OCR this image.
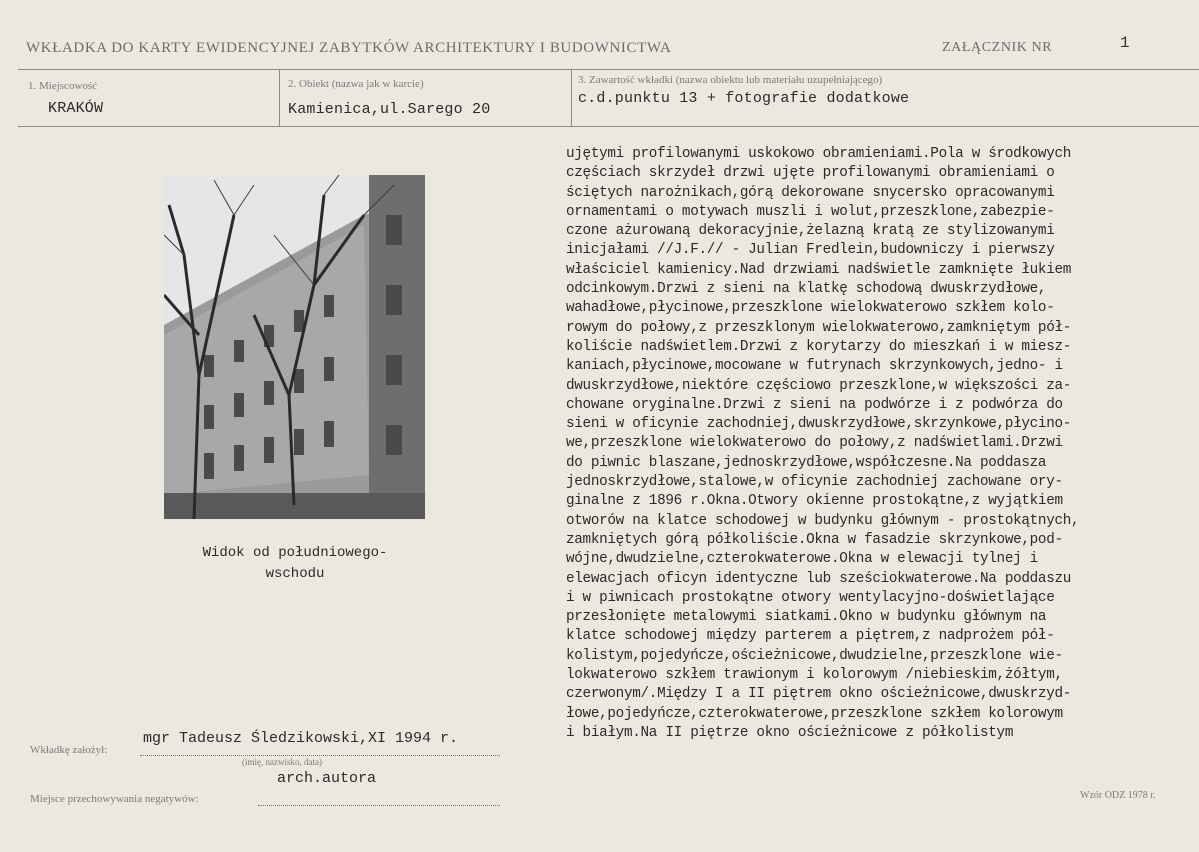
WKŁADKA DO KARTY EWIDENCYJNEJ ZABYTKÓW ARCHITEKTURY I BUDOWNICTWA	ZAŁĄCZNIK NR	1
1. Miejscowość
KRAKÓW
2. Obiekt (nazwa jak w karcie)
Kamienica,ul.Sarego 20
3. Zawartość wkładki (nazwa obiektu lub materiału uzupełniającego)
c.d.punktu 13 + fotografie dodatkowe
Widok od południowego-
wschodu
ujętymi profilowanymi uskokowo obramieniami.Pola w środkowych
częściach skrzydeł drzwi ujęte profilowanymi obramieniami o
ściętych narożnikach,górą dekorowane snycersko opracowanymi
ornamentami o motywach muszli i wolut,przeszklone,zabezpie-
czone ażurowaną dekoracyjnie,żelazną kratą ze stylizowanymi
inicjałami //J.F.// - Julian Fredlein,budowniczy i pierwszy
właściciel kamienicy.Nad drzwiami nadświetle zamknięte łukiem
odcinkowym.Drzwi z sieni na klatkę schodową dwuskrzydłowe,
wahadłowe,płycinowe,przeszklone wielokwaterowo szkłem kolo-
rowym do połowy,z przeszklonym wielokwaterowo,zamkniętym pół-
koliście nadświetlem.Drzwi z korytarzy do mieszkań i w miesz-
kaniach,płycinowe,mocowane w futrynach skrzynkowych,jedno- i
dwuskrzydłowe,niektóre częściowo przeszklone,w większości za-
chowane oryginalne.Drzwi z sieni na podwórze i z podwórza do
sieni w oficynie zachodniej,dwuskrzydłowe,skrzynkowe,płycino-
we,przeszklone wielokwaterowo do połowy,z nadświetlami.Drzwi
do piwnic blaszane,jednoskrzydłowe,współczesne.Na poddasza
jednoskrzydłowe,stalowe,w oficynie zachodniej zachowane ory-
ginalne z 1896 r.Okna.Otwory okienne prostokątne,z wyjątkiem
otworów na klatce schodowej w budynku głównym - prostokątnych,
zamkniętych górą półkoliście.Okna w fasadzie skrzynkowe,pod-
wójne,dwudzielne,czterokwaterowe.Okna w elewacji tylnej i
elewacjach oficyn identyczne lub sześciokwaterowe.Na poddaszu
i w piwnicach prostokątne otwory wentylacyjno-doświetlające
przesłonięte metalowymi siatkami.Okno w budynku głównym na
klatce schodowej między parterem a piętrem,z nadprożem pół-
kolistym,pojedyńcze,ościeżnicowe,dwudzielne,przeszklone wie-
lokwaterowo szkłem trawionym i kolorowym /niebieskim,żółtym,
czerwonym/.Między I a II piętrem okno ościeżnicowe,dwuskrzyd-
łowe,pojedyńcze,czterokwaterowe,przeszklone szkłem kolorowym
i białym.Na II piętrze okno ościeżnicowe z półkolistym
Wkładkę założył:
mgr Tadeusz Śledzikowski,XI 1994 r.
(imię, nazwisko, data)
arch.autora
Miejsce przechowywania negatywów:	Wzór ODZ 1978 r.
